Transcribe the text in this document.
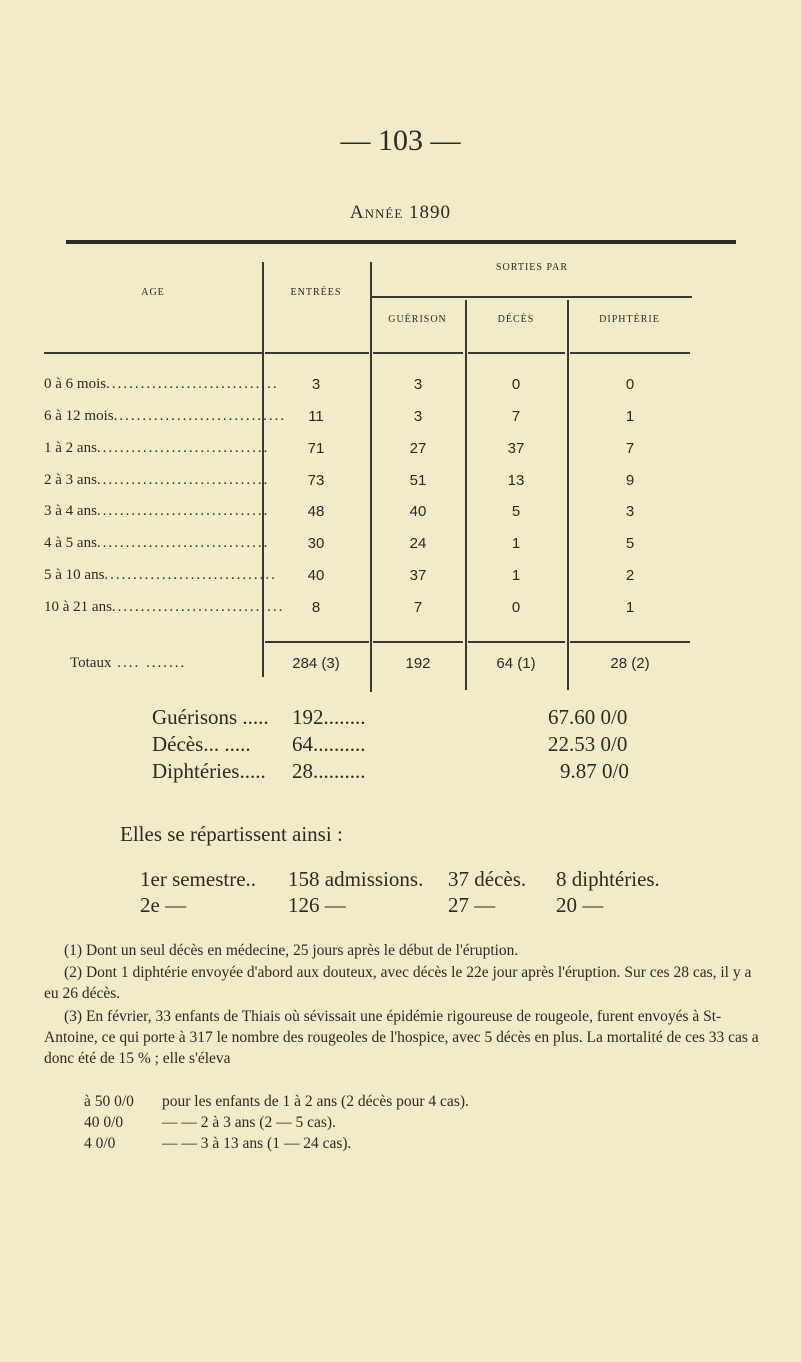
— 103 —
Année 1890
AGE	ENTRÉES
SORTIES PAR
GUÉRISON	DÉCÈS	DIPHTÉRIE
0 à 6 mois..............................	3	3	0	0
6 à 12 mois..............................	11	3	7	1
1 à 2 ans..............................	71	27	37	7
2 à 3 ans..............................	73	51	13	9
3 à 4 ans..............................	48	40	5	3
4 à 5 ans..............................	30	24	1	5
5 à 10 ans..............................	40	37	1	2
10 à 21 ans..............................	8	7	0	1
Totaux .... .......	284 (3)	192	64 (1)	28 (2)
Guérisons ..... 192........	67.60 0/0
Décès... ..... 64..........	22.53 0/0
Diphtéries..... 28..........	9.87 0/0
Elles se répartissent ainsi :
1er semestre.. 158 admissions. 37 décès. 8 diphtéries.
2e —	126 —	27 —	20 —
(1) Dont un seul décès en médecine, 25 jours après le début de l'éruption.
(2) Dont 1 diphtérie envoyée d'abord aux douteux, avec décès le 22e jour après l'éruption. Sur ces 28 cas, il y a eu 26 décès.
(3) En février, 33 enfants de Thiais où sévissait une épidémie rigoureuse de rougeole, furent envoyés à St-Antoine, ce qui porte à 317 le nombre des rougeoles de l'hospice, avec 5 décès en plus. La mortalité de ces 33 cas a donc été de 15 % ; elle s'éleva
à 50 0/0 pour les enfants de 1 à 2 ans (2 décès pour 4 cas).
40 0/0	— — 2 à 3 ans (2 — 5 cas).
4 0/0	— — 3 à 13 ans (1 — 24 cas).
